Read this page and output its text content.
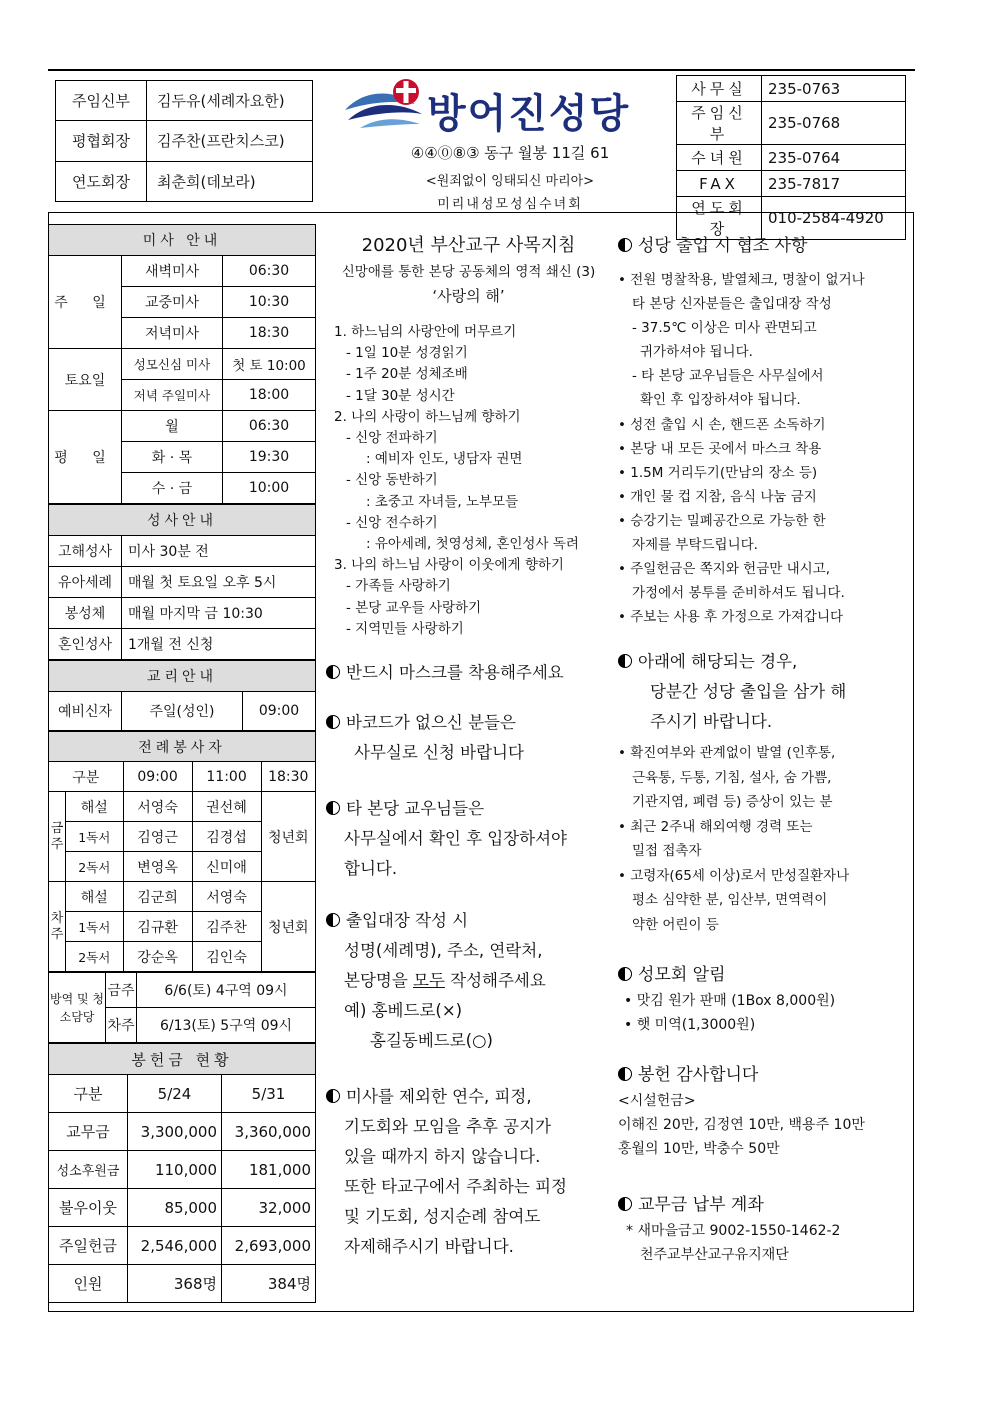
주임신부	김두유(세례자요한)
평협회장	김주찬(프란치스코)
연도회장	최춘희(데보라)
방어진성당
④④⓪⑧③ 동구 월봉 11길 61
<원죄없이 잉태되신 마리아>
미리내성모성심수녀회
사무실	235-0763
주임신부	235-0768
수녀원	235-0764
FAX	235-7817
연도회장	010-2584-4920
미사 안내		
주 일	새벽미사	06:30
	교중미사	10:30
	저녁미사	18:30
토요일	성모신심 미사	첫 토 10:00
	저녁 주일미사	18:00
평 일	월	06:30
	화 · 목	19:30
	수 · 금	10:00
성사안내	
고해성사	미사 30분 전
유아세례	매월 첫 토요일 오후 5시
봉성체	매월 마지막 금 10:30
혼인성사	1개월 전 신청
교리안내
예비신자	주일(성인)	09:00
전례봉사자				
구분		09:00	11:00	18:30
금주	해설	서영숙	권선혜	청년회
	1독서	김영근	김경섭	
	2독서	변영옥	신미애	
차주	해설	김군희	서영숙	청년회
	1독서	김규환	김주찬	
	2독서	강순옥	김인숙	
방역 및 청소담당	금주	6/6(토) 4구역 09시
	차주	6/13(토) 5구역 09시
봉헌금 현황		
구분	5/24	5/31
교무금	3,300,000	3,360,000
성소후원금	110,000	181,000
불우이웃	85,000	32,000
주일헌금	2,546,000	2,693,000
인원	368명	384명
2020년 부산교구 사목지침
신망애를 통한 본당 공동체의 영적 쇄신 (3)
‘사랑의 해’
1. 하느님의 사랑안에 머무르기
- 1일 10분 성경읽기
- 1주 20분 성체조배
- 1달 30분 성시간
2. 나의 사랑이 하느님께 향하기
- 신앙 전파하기
: 예비자 인도, 냉담자 권면
- 신앙 동반하기
: 초중고 자녀들, 노부모들
- 신앙 전수하기
: 유아세례, 첫영성체, 혼인성사 독려
3. 나의 하느님 사랑이 이웃에게 향하기
- 가족들 사랑하기
- 본당 교우들 사랑하기
- 지역민들 사랑하기
반드시 마스크를 착용해주세요
바코드가 없으신 분들은
사무실로 신청 바랍니다
타 본당 교우님들은
사무실에서 확인 후 입장하셔야
합니다.
출입대장 작성 시
성명(세례명), 주소, 연락처,
본당명을 모두 작성해주세요
예) 홍베드로(×)
홍길동베드로(○)
미사를 제외한 연수, 피정,
기도회와 모임을 추후 공지가
있을 때까지 하지 않습니다.
또한 타교구에서 주최하는 피정
및 기도회, 성지순례 참여도
자제해주시기 바랍니다.
성당 출입 시 협조 사항
• 전원 명찰착용, 발열체크, 명찰이 없거나
타 본당 신자분들은 출입대장 작성
- 37.5℃ 이상은 미사 관면되고
귀가하셔야 됩니다.
- 타 본당 교우님들은 사무실에서
확인 후 입장하셔야 됩니다.
• 성전 출입 시 손, 핸드폰 소독하기
• 본당 내 모든 곳에서 마스크 착용
• 1.5M 거리두기(만남의 장소 등)
• 개인 물 컵 지참, 음식 나눔 금지
• 승강기는 밀폐공간으로 가능한 한
자제를 부탁드립니다.
• 주일헌금은 쪽지와 헌금만 내시고,
가정에서 봉투를 준비하셔도 됩니다.
• 주보는 사용 후 가정으로 가져갑니다
아래에 해당되는 경우,
당분간 성당 출입을 삼가 해
주시기 바랍니다.
• 확진여부와 관계없이 발열 (인후통,
근육통, 두통, 기침, 설사, 숨 가쁨,
기관지염, 폐렴 등) 증상이 있는 분
• 최근 2주내 해외여행 경력 또는
밀접 접촉자
• 고령자(65세 이상)로서 만성질환자나
평소 심약한 분, 임산부, 면역력이
약한 어린이 등
성모회 알림
• 맛김 원가 판매 (1Box 8,000원)
• 햇 미역(1,3000원)
봉헌 감사합니다
<시설헌금>
이해진 20만, 김정연 10만, 백용주 10만
홍월의 10만, 박충수 50만
교무금 납부 계좌
* 새마을금고 9002-1550-1462-2
천주교부산교구유지재단
